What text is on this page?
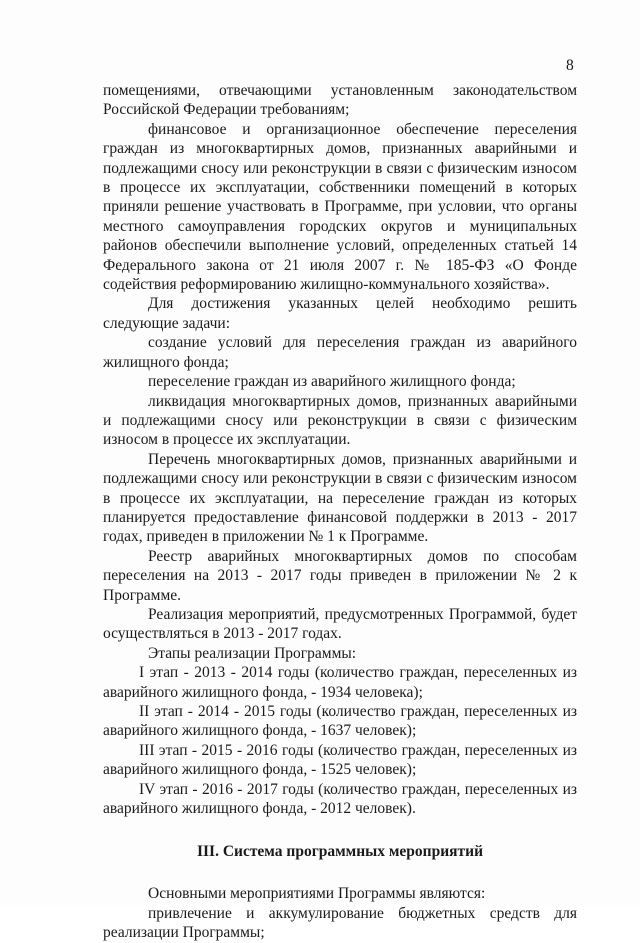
8

помещениями, отвечающими установленным законодательством Российской Федерации требованиям;

финансовое и организационное обеспечение переселения граждан из многоквартирных домов, признанных аварийными и подлежащими сносу или реконструкции в связи с физическим износом в процессе их эксплуатации, собственники помещений в которых приняли решение участвовать в Программе, при условии, что органы местного самоуправления городских округов и муниципальных районов обеспечили выполнение условий, определенных статьей 14 Федерального закона от 21 июля 2007 г. № 185-ФЗ «О Фонде содействия реформированию жилищно-коммунального хозяйства».

Для достижения указанных целей необходимо решить следующие задачи:

создание условий для переселения граждан из аварийного жилищного фонда;

переселение граждан из аварийного жилищного фонда;

ликвидация многоквартирных домов, признанных аварийными и подлежащими сносу или реконструкции в связи с физическим износом в процессе их эксплуатации.

Перечень многоквартирных домов, признанных аварийными и подлежащими сносу или реконструкции в связи с физическим износом в процессе их эксплуатации, на переселение граждан из которых планируется предоставление финансовой поддержки в 2013 - 2017 годах, приведен в приложении № 1 к Программе.

Реестр аварийных многоквартирных домов по способам переселения на 2013 - 2017 годы приведен в приложении № 2 к Программе.

Реализация мероприятий, предусмотренных Программой, будет осуществляться в 2013 - 2017 годах.

Этапы реализации Программы:

I этап - 2013 - 2014 годы (количество граждан, переселенных из аварийного жилищного фонда, - 1934 человека);

II этап - 2014 - 2015 годы (количество граждан, переселенных из аварийного жилищного фонда, - 1637 человек);

III этап - 2015 - 2016 годы (количество граждан, переселенных из аварийного жилищного фонда, - 1525 человек);

IV этап - 2016 - 2017 годы (количество граждан, переселенных из аварийного жилищного фонда, - 2012 человек).

III. Система программных мероприятий

Основными мероприятиями Программы являются:

привлечение и аккумулирование бюджетных средств для реализации Программы;
